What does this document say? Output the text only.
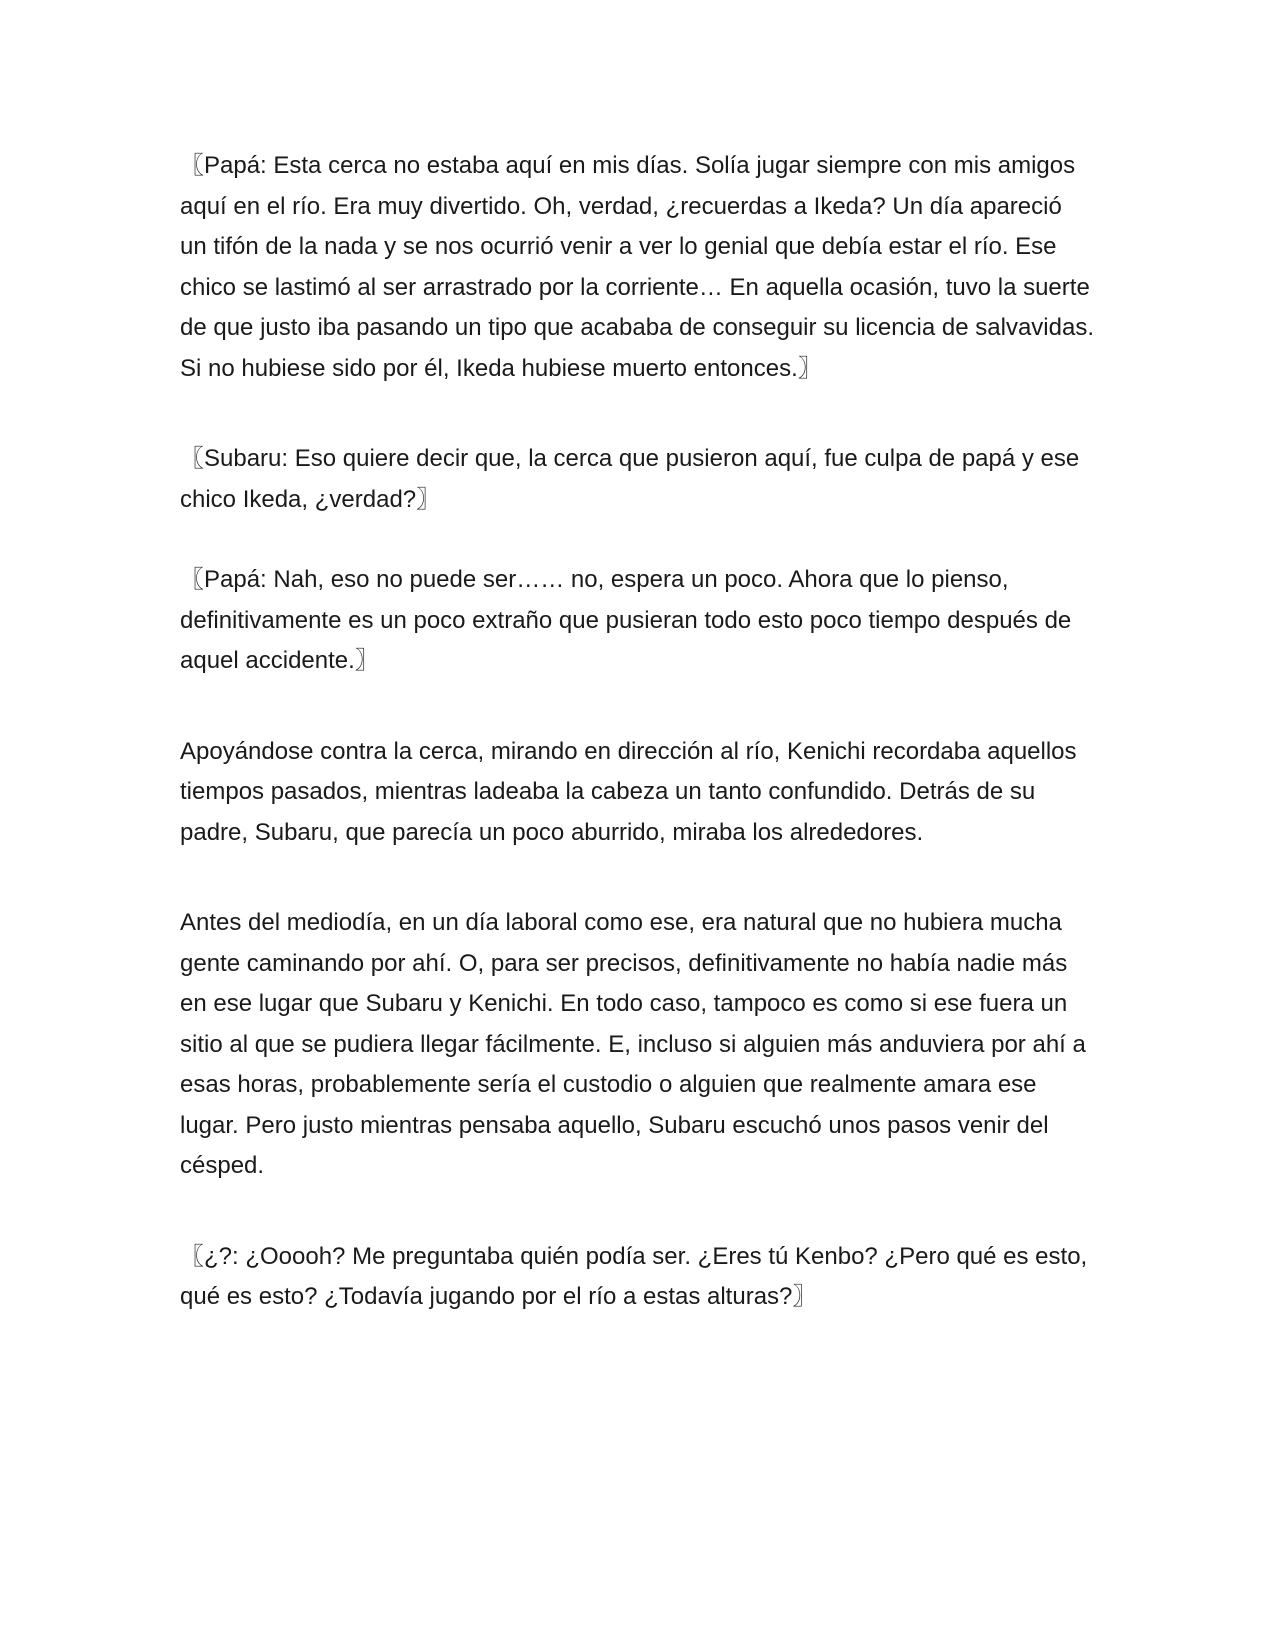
〖Papá: Esta cerca no estaba aquí en mis días. Solía jugar siempre con mis amigos aquí en el río. Era muy divertido. Oh, verdad, ¿recuerdas a Ikeda? Un día apareció un tifón de la nada y se nos ocurrió venir a ver lo genial que debía estar el río. Ese chico se lastimó al ser arrastrado por la corriente… En aquella ocasión, tuvo la suerte de que justo iba pasando un tipo que acababa de conseguir su licencia de salvavidas. Si no hubiese sido por él, Ikeda hubiese muerto entonces.〗

〖Subaru: Eso quiere decir que, la cerca que pusieron aquí, fue culpa de papá y ese chico Ikeda, ¿verdad?〗

〖Papá: Nah, eso no puede ser…… no, espera un poco. Ahora que lo pienso, definitivamente es un poco extraño que pusieran todo esto poco tiempo después de aquel accidente.〗

Apoyándose contra la cerca, mirando en dirección al río, Kenichi recordaba aquellos tiempos pasados, mientras ladeaba la cabeza un tanto confundido. Detrás de su padre, Subaru, que parecía un poco aburrido, miraba los alrededores.

Antes del mediodía, en un día laboral como ese, era natural que no hubiera mucha gente caminando por ahí. O, para ser precisos, definitivamente no había nadie más en ese lugar que Subaru y Kenichi. En todo caso, tampoco es como si ese fuera un sitio al que se pudiera llegar fácilmente. E, incluso si alguien más anduviera por ahí a esas horas, probablemente sería el custodio o alguien que realmente amara ese lugar. Pero justo mientras pensaba aquello, Subaru escuchó unos pasos venir del césped.

〖¿?: ¿Ooooh? Me preguntaba quién podía ser. ¿Eres tú Kenbo? ¿Pero qué es esto, qué es esto? ¿Todavía jugando por el río a estas alturas?〗
